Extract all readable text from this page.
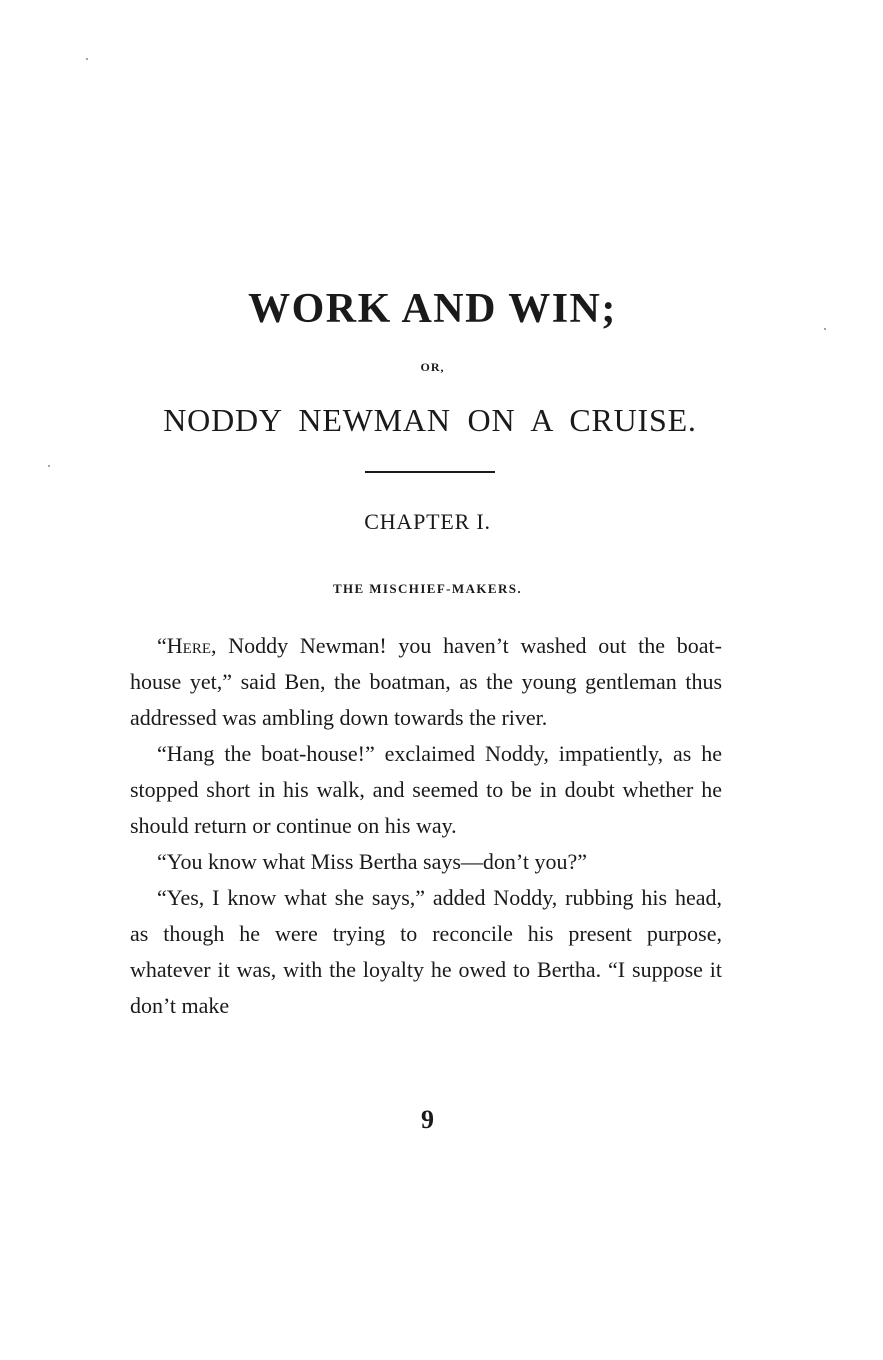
WORK AND WIN;
OR,
NODDY NEWMAN ON A CRUISE.
CHAPTER I.
THE MISCHIEF-MAKERS.

“Here, Noddy Newman! you haven’t washed out the boat-house yet,” said Ben, the boatman, as the young gentleman thus addressed was ambling down towards the river.

“Hang the boat-house!” exclaimed Noddy, impatiently, as he stopped short in his walk, and seemed to be in doubt whether he should return or continue on his way.

“You know what Miss Bertha says—don’t you?”

“Yes, I know what she says,” added Noddy, rubbing his head, as though he were trying to reconcile his present purpose, whatever it was, with the loyalty he owed to Bertha. “I suppose it don’t make

9
